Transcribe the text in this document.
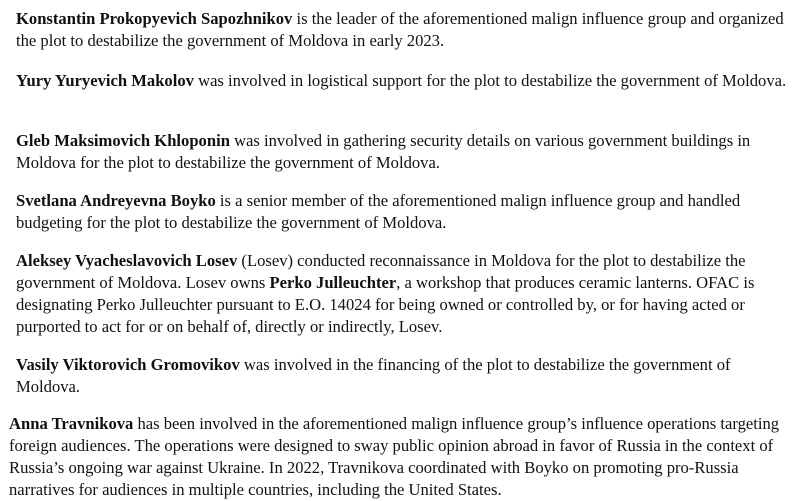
Konstantin Prokopyevich Sapozhnikov is the leader of the aforementioned malign influence group and organized the plot to destabilize the government of Moldova in early 2023.

Yury Yuryevich Makolov was involved in logistical support for the plot to destabilize the government of Moldova.

Gleb Maksimovich Khloponin was involved in gathering security details on various government buildings in Moldova for the plot to destabilize the government of Moldova.

Svetlana Andreyevna Boyko is a senior member of the aforementioned malign influence group and handled budgeting for the plot to destabilize the government of Moldova.

Aleksey Vyacheslavovich Losev (Losev) conducted reconnaissance in Moldova for the plot to destabilize the government of Moldova. Losev owns Perko Julleuchter, a workshop that produces ceramic lanterns. OFAC is designating Perko Julleuchter pursuant to E.O. 14024 for being owned or controlled by, or for having acted or purported to act for or on behalf of, directly or indirectly, Losev.

Vasily Viktorovich Gromovikov was involved in the financing of the plot to destabilize the government of Moldova.

Anna Travnikova has been involved in the aforementioned malign influence group’s influence operations targeting foreign audiences. The operations were designed to sway public opinion abroad in favor of Russia in the context of Russia’s ongoing war against Ukraine. In 2022, Travnikova coordinated with Boyko on promoting pro-Russia narratives for audiences in multiple countries, including the United States.
